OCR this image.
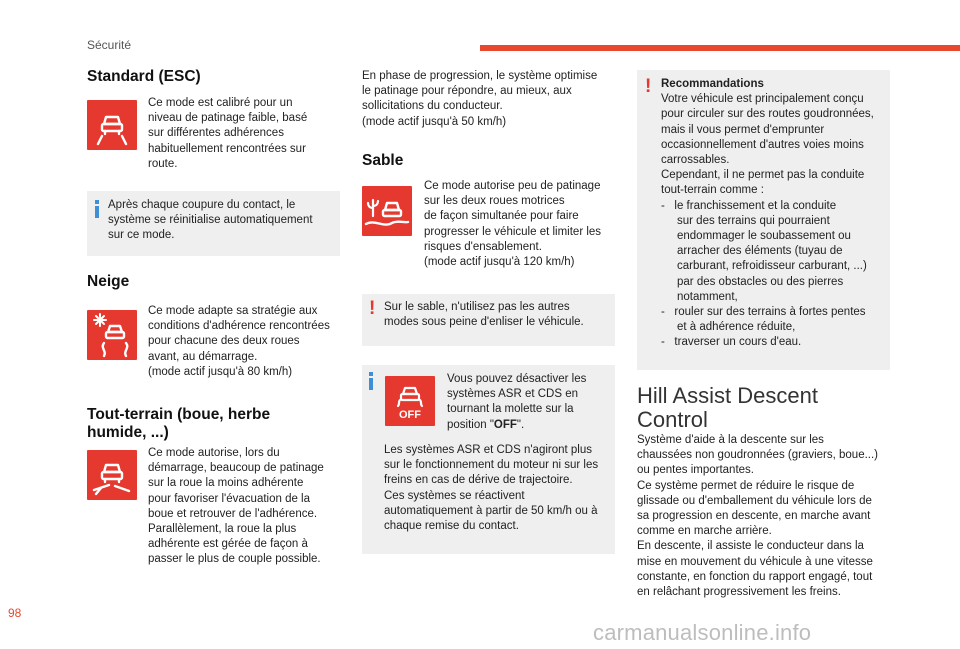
Sécurité
Standard (ESC)
Ce mode est calibré pour un
niveau de patinage faible, basé
sur différentes adhérences
habituellement rencontrées sur
route.
Après chaque coupure du contact, le
système se réinitialise automatiquement
sur ce mode.
Neige
Ce mode adapte sa stratégie aux
conditions d'adhérence rencontrées
pour chacune des deux roues
avant, au démarrage.
(mode actif jusqu'à 80 km/h)
Tout-terrain (boue, herbe
humide, ...)
Ce mode autorise, lors du
démarrage, beaucoup de patinage
sur la roue la moins adhérente
pour favoriser l'évacuation de la
boue et retrouver de l'adhérence.
Parallèlement, la roue la plus
adhérente est gérée de façon à
passer le plus de couple possible.
En phase de progression, le système optimise
le patinage pour répondre, au mieux, aux
sollicitations du conducteur.
(mode actif jusqu'à 50 km/h)
Sable
Ce mode autorise peu de patinage
sur les deux roues motrices
de façon simultanée pour faire
progresser le véhicule et limiter les
risques d'ensablement.
(mode actif jusqu'à 120 km/h)
! Sur le sable, n'utilisez pas les autres
modes sous peine d'enliser le véhicule.
OFF
Vous pouvez désactiver les
systèmes ASR et CDS en
tournant la molette sur la
position "OFF".
Les systèmes ASR et CDS n'agiront plus
sur le fonctionnement du moteur ni sur les
freins en cas de dérive de trajectoire.
Ces systèmes se réactivent
automatiquement à partir de 50 km/h ou à
chaque remise du contact.
! Recommandations
Votre véhicule est principalement conçu
pour circuler sur des routes goudronnées,
mais il vous permet d'emprunter
occasionnellement d'autres voies moins
carrossables.
Cependant, il ne permet pas la conduite
tout-terrain comme :
-   le franchissement et la conduite
sur des terrains qui pourraient
endommager le soubassement ou
arracher des éléments (tuyau de
carburant, refroidisseur carburant, ...)
par des obstacles ou des pierres
notamment,
-   rouler sur des terrains à fortes pentes
et à adhérence réduite,
-   traverser un cours d'eau.
Hill Assist Descent
Control
Système d'aide à la descente sur les
chaussées non goudronnées (graviers, boue...)
ou pentes importantes.
Ce système permet de réduire le risque de
glissade ou d'emballement du véhicule lors de
sa progression en descente, en marche avant
comme en marche arrière.
En descente, il assiste le conducteur dans la
mise en mouvement du véhicule à une vitesse
constante, en fonction du rapport engagé, tout
en relâchant progressivement les freins.
98
carmanualsonline.info
